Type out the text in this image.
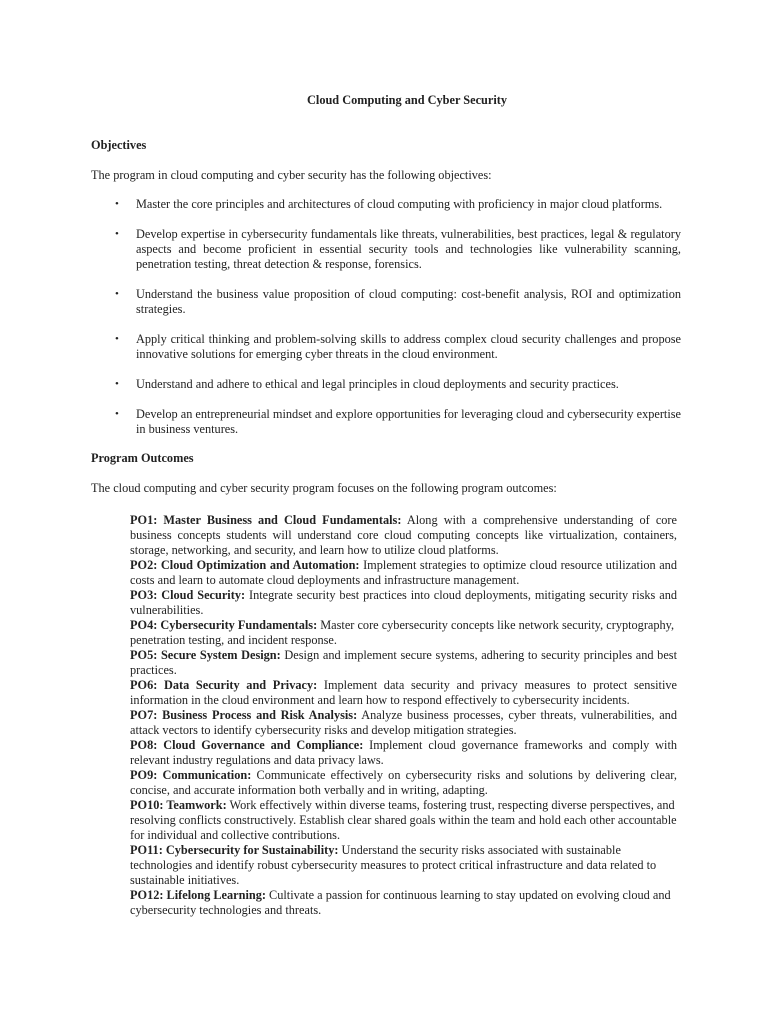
Cloud Computing and Cyber Security
Objectives
The program in cloud computing and cyber security has the following objectives:
• Master the core principles and architectures of cloud computing with proficiency in major cloud platforms.
• Develop expertise in cybersecurity fundamentals like threats, vulnerabilities, best practices, legal & regulatory aspects and become proficient in essential security tools and technologies like vulnerability scanning, penetration testing, threat detection & response, forensics.
• Understand the business value proposition of cloud computing: cost-benefit analysis, ROI and optimization strategies.
• Apply critical thinking and problem-solving skills to address complex cloud security challenges and propose innovative solutions for emerging cyber threats in the cloud environment.
• Understand and adhere to ethical and legal principles in cloud deployments and security practices.
• Develop an entrepreneurial mindset and explore opportunities for leveraging cloud and cybersecurity expertise in business ventures.
Program Outcomes
The cloud computing and cyber security program focuses on the following program outcomes:
PO1: Master Business and Cloud Fundamentals: Along with a comprehensive understanding of core business concepts students will understand core cloud computing concepts like virtualization, containers, storage, networking, and security, and learn how to utilize cloud platforms.
PO2: Cloud Optimization and Automation: Implement strategies to optimize cloud resource utilization and costs and learn to automate cloud deployments and infrastructure management.
PO3: Cloud Security: Integrate security best practices into cloud deployments, mitigating security risks and vulnerabilities.
PO4: Cybersecurity Fundamentals: Master core cybersecurity concepts like network security, cryptography, penetration testing, and incident response.
PO5: Secure System Design: Design and implement secure systems, adhering to security principles and best practices.
PO6: Data Security and Privacy: Implement data security and privacy measures to protect sensitive information in the cloud environment and learn how to respond effectively to cybersecurity incidents.
PO7: Business Process and Risk Analysis: Analyze business processes, cyber threats, vulnerabilities, and attack vectors to identify cybersecurity risks and develop mitigation strategies.
PO8: Cloud Governance and Compliance: Implement cloud governance frameworks and comply with relevant industry regulations and data privacy laws.
PO9: Communication: Communicate effectively on cybersecurity risks and solutions by delivering clear, concise, and accurate information both verbally and in writing, adapting.
PO10: Teamwork: Work effectively within diverse teams, fostering trust, respecting diverse perspectives, and resolving conflicts constructively. Establish clear shared goals within the team and hold each other accountable for individual and collective contributions.
PO11: Cybersecurity for Sustainability: Understand the security risks associated with sustainable technologies and identify robust cybersecurity measures to protect critical infrastructure and data related to sustainable initiatives.
PO12: Lifelong Learning: Cultivate a passion for continuous learning to stay updated on evolving cloud and cybersecurity technologies and threats.
